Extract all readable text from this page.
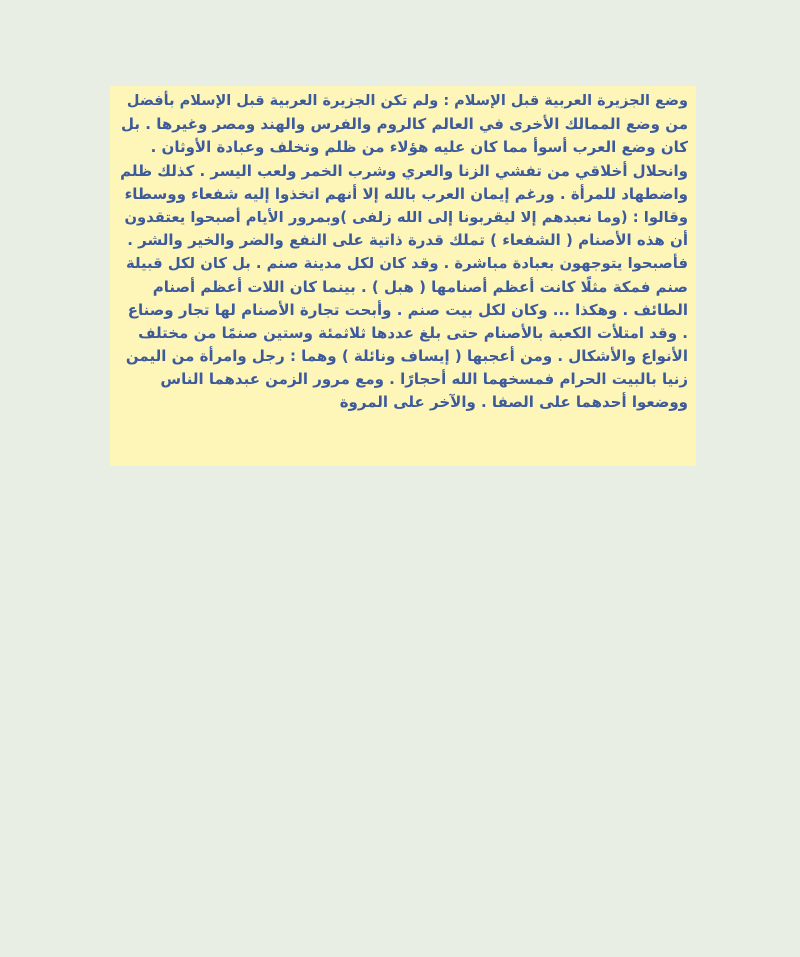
وضع الجزيرة العربية قبل الإسلام : ولم تكن الجزيرة العربية قبل الإسلام بأفضل
من وضع الممالك الأخرى في العالم كالروم والفرس والهند ومصر وغيرها . بل
كان وضع العرب أسوأ مما كان عليه هؤلاء من ظلم وتخلف وعبادة الأوثان .
وانحلال أخلاقي من تفشي الزنا والعري وشرب الخمر ولعب اليسر . كذلك ظلم
واضطهاد للمرأة . ورغم إيمان العرب بالله إلا أنهم اتخذوا إليه شفعاء ووسطاء
وقالوا : (وما نعبدهم إلا ليقربونا إلى الله زلفى )وبمرور الأيام أصبحوا يعتقدون
أن هذه الأصنام ( الشفعاء ) تملك قدرة ذاتية على النفع والضر والخير والشر .
فأصبحوا يتوجهون بعبادة مباشرة . وقد كان لكل مدينة صنم . بل كان لكل قبيلة
صنم فمكة مثلًا كانت أعظم أصنامها ( هبل ) . بينما كان اللات أعظم أصنام
الطائف . وهكذا ... وكان لكل بيت صنم . وأبحت تجارة الأصنام لها تجار وصناع
. وقد امتلأت الكعبة بالأصنام حتى بلغ عددها ثلاثمئة وستين صنمًا من مختلف
الأنواع والأشكال . ومن أعجبها ( إيساف ونائلة ) وهما : رجل وامرأة من اليمن
زنيا بالبيت الحرام فمسخهما الله أحجارًا . ومع مرور الزمن عبدهما الناس
ووضعوا أحدهما على الصفا . والآخر على المروة
